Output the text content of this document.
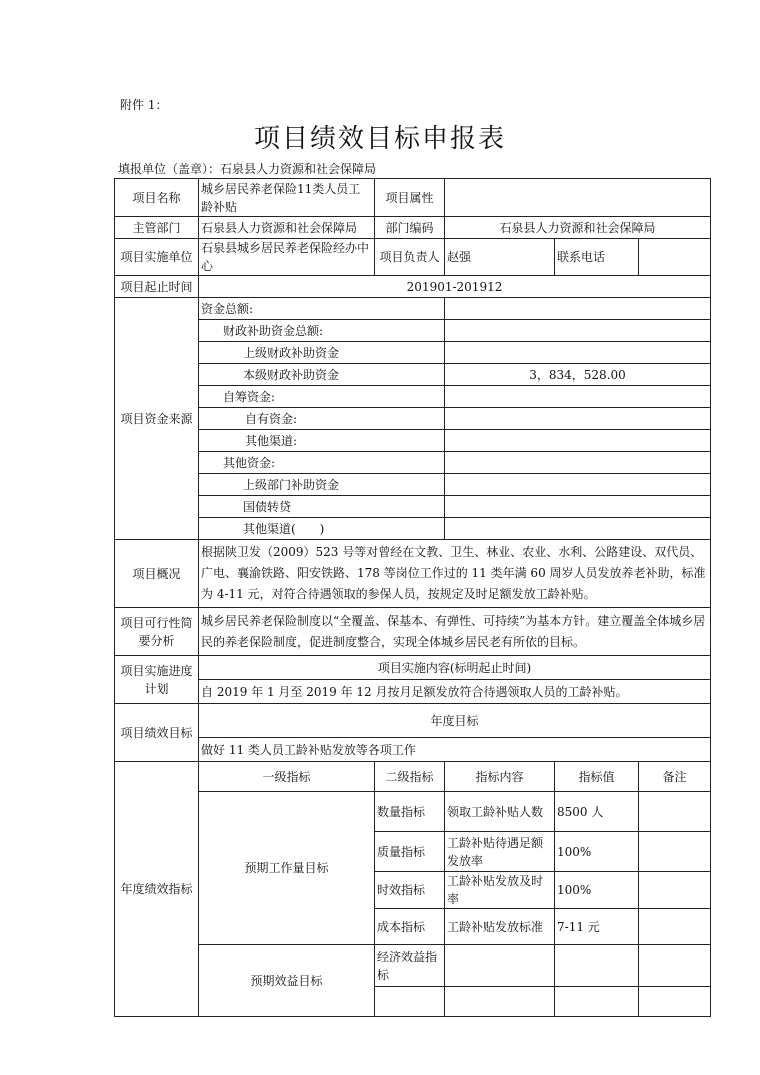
附件 1：
项目绩效目标申报表
填报单位（盖章）：石泉县人力资源和社会保障局
项目名称	城乡居民养老保险11类人员工龄补贴	项目属性			
主管部门	石泉县人力资源和社会保障局	部门编码	石泉县人力资源和社会保障局		
项目实施单位	石泉县城乡居民养老保险经办中心	项目负责人	赵强	联系电话	
项目起止时间	201901-201912				
项目资金来源	资金总额:				
	财政补助资金总额:				
	上级财政补助资金				
	本级财政补助资金		3，834，528.00		
	自筹资金:				
	自有资金:				
	其他渠道:				
	其他资金:				
	上级部门补助资金				
	国债转贷				
	其他渠道(　　)				
项目概况	根据陕卫发（2009）523 号等对曾经在文教、卫生、林业、农业、水利、公路建设、双代员、广电、襄渝铁路、阳安铁路、178 等岗位工作过的 11 类年满 60 周岁人员发放养老补助，标准为 4-11 元，对符合待遇领取的参保人员，按规定及时足额发放工龄补贴。				
项目可行性简要分析	城乡居民养老保险制度以“全覆盖、保基本、有弹性、可持续”为基本方针。建立覆盖全体城乡居民的养老保险制度，促进制度整合，实现全体城乡居民老有所依的目标。				
项目实施进度计划	项目实施内容(标明起止时间)				
	自 2019 年 1 月至 2019 年 12 月按月足额发放符合待遇领取人员的工龄补贴。				
项目绩效目标	年度目标				
	做好 11 类人员工龄补贴发放等各项工作				
年度绩效指标	一级指标	二级指标	指标内容	指标值	备注
	预期工作量目标	数量指标	领取工龄补贴人数	8500 人	
		质量指标	工龄补贴待遇足额发放率	100%	
		时效指标	工龄补贴发放及时率	100%	
		成本指标	工龄补贴发放标准	7-11 元	
	预期效益目标	经济效益指标			
